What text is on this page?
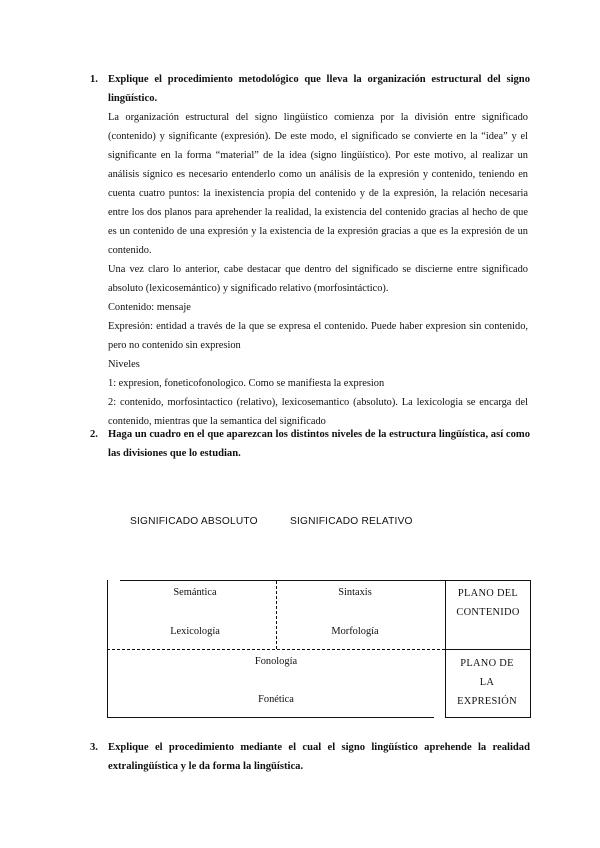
1. Explique el procedimiento metodológico que lleva la organización estructural del signo lingüístico.

La organización estructural del signo lingüístico comienza por la división entre significado (contenido) y significante (expresión). De este modo, el significado se convierte en la “idea” y el significante en la forma “material” de la idea (signo lingüístico). Por este motivo, al realizar un análisis sígnico es necesario entenderlo como un análisis de la expresión y contenido, teniendo en cuenta cuatro puntos: la inexistencia propia del contenido y de la expresión, la relación necesaria entre los dos planos para aprehender la realidad, la existencia del contenido gracias al hecho de que es un contenido de una expresión y la existencia de la expresión gracias a que es la expresión de un contenido.

Una vez claro lo anterior, cabe destacar que dentro del significado se discierne entre significado absoluto (lexicosemántico) y significado relativo (morfosintáctico).

Contenido: mensaje

Expresión: entidad a través de la que se expresa el contenido. Puede haber expresion sin contenido, pero no contenido sin expresion

Niveles

1: expresion, foneticofonologico. Como se manifiesta la expresion

2: contenido, morfosintactico (relativo), lexicosemantico (absoluto). La lexicologia se encarga del contenido, mientras que la semantica del significado

2. Haga un cuadro en el que aparezcan los distintos niveles de la estructura lingüística, así como las divisiones que lo estudian.
SIGNIFICADO ABSOLUTO	SIGNIFICADO RELATIVO
Semántica
Lexicología
Sintaxis
Morfología
PLANO DEL CONTENIDO
Fonología
Fonética
PLANO DE LA EXPRESIÓN
3. Explique el procedimiento mediante el cual el signo lingüístico aprehende la realidad extralingüística y le da forma la lingüística.
